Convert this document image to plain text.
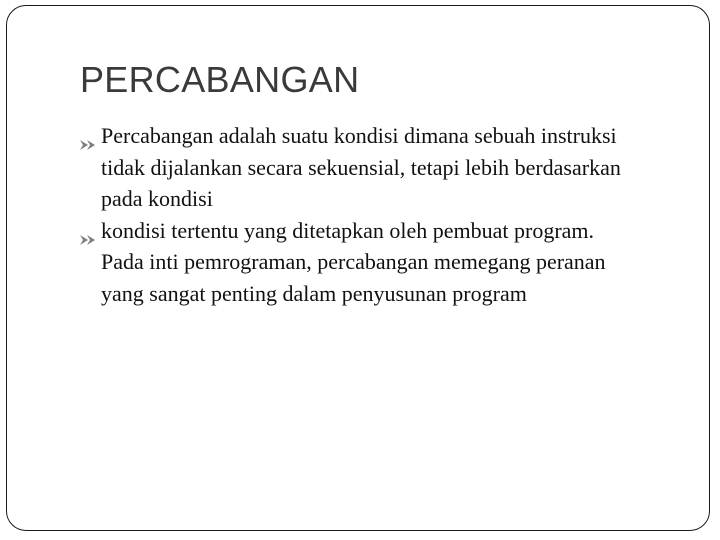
PERCABANGAN
Percabangan adalah suatu kondisi dimana sebuah instruksi tidak dijalankan secara sekuensial, tetapi lebih berdasarkan pada kondisi
kondisi tertentu yang ditetapkan oleh pembuat program. Pada inti pemrograman, percabangan memegang peranan yang sangat penting dalam penyusunan program
